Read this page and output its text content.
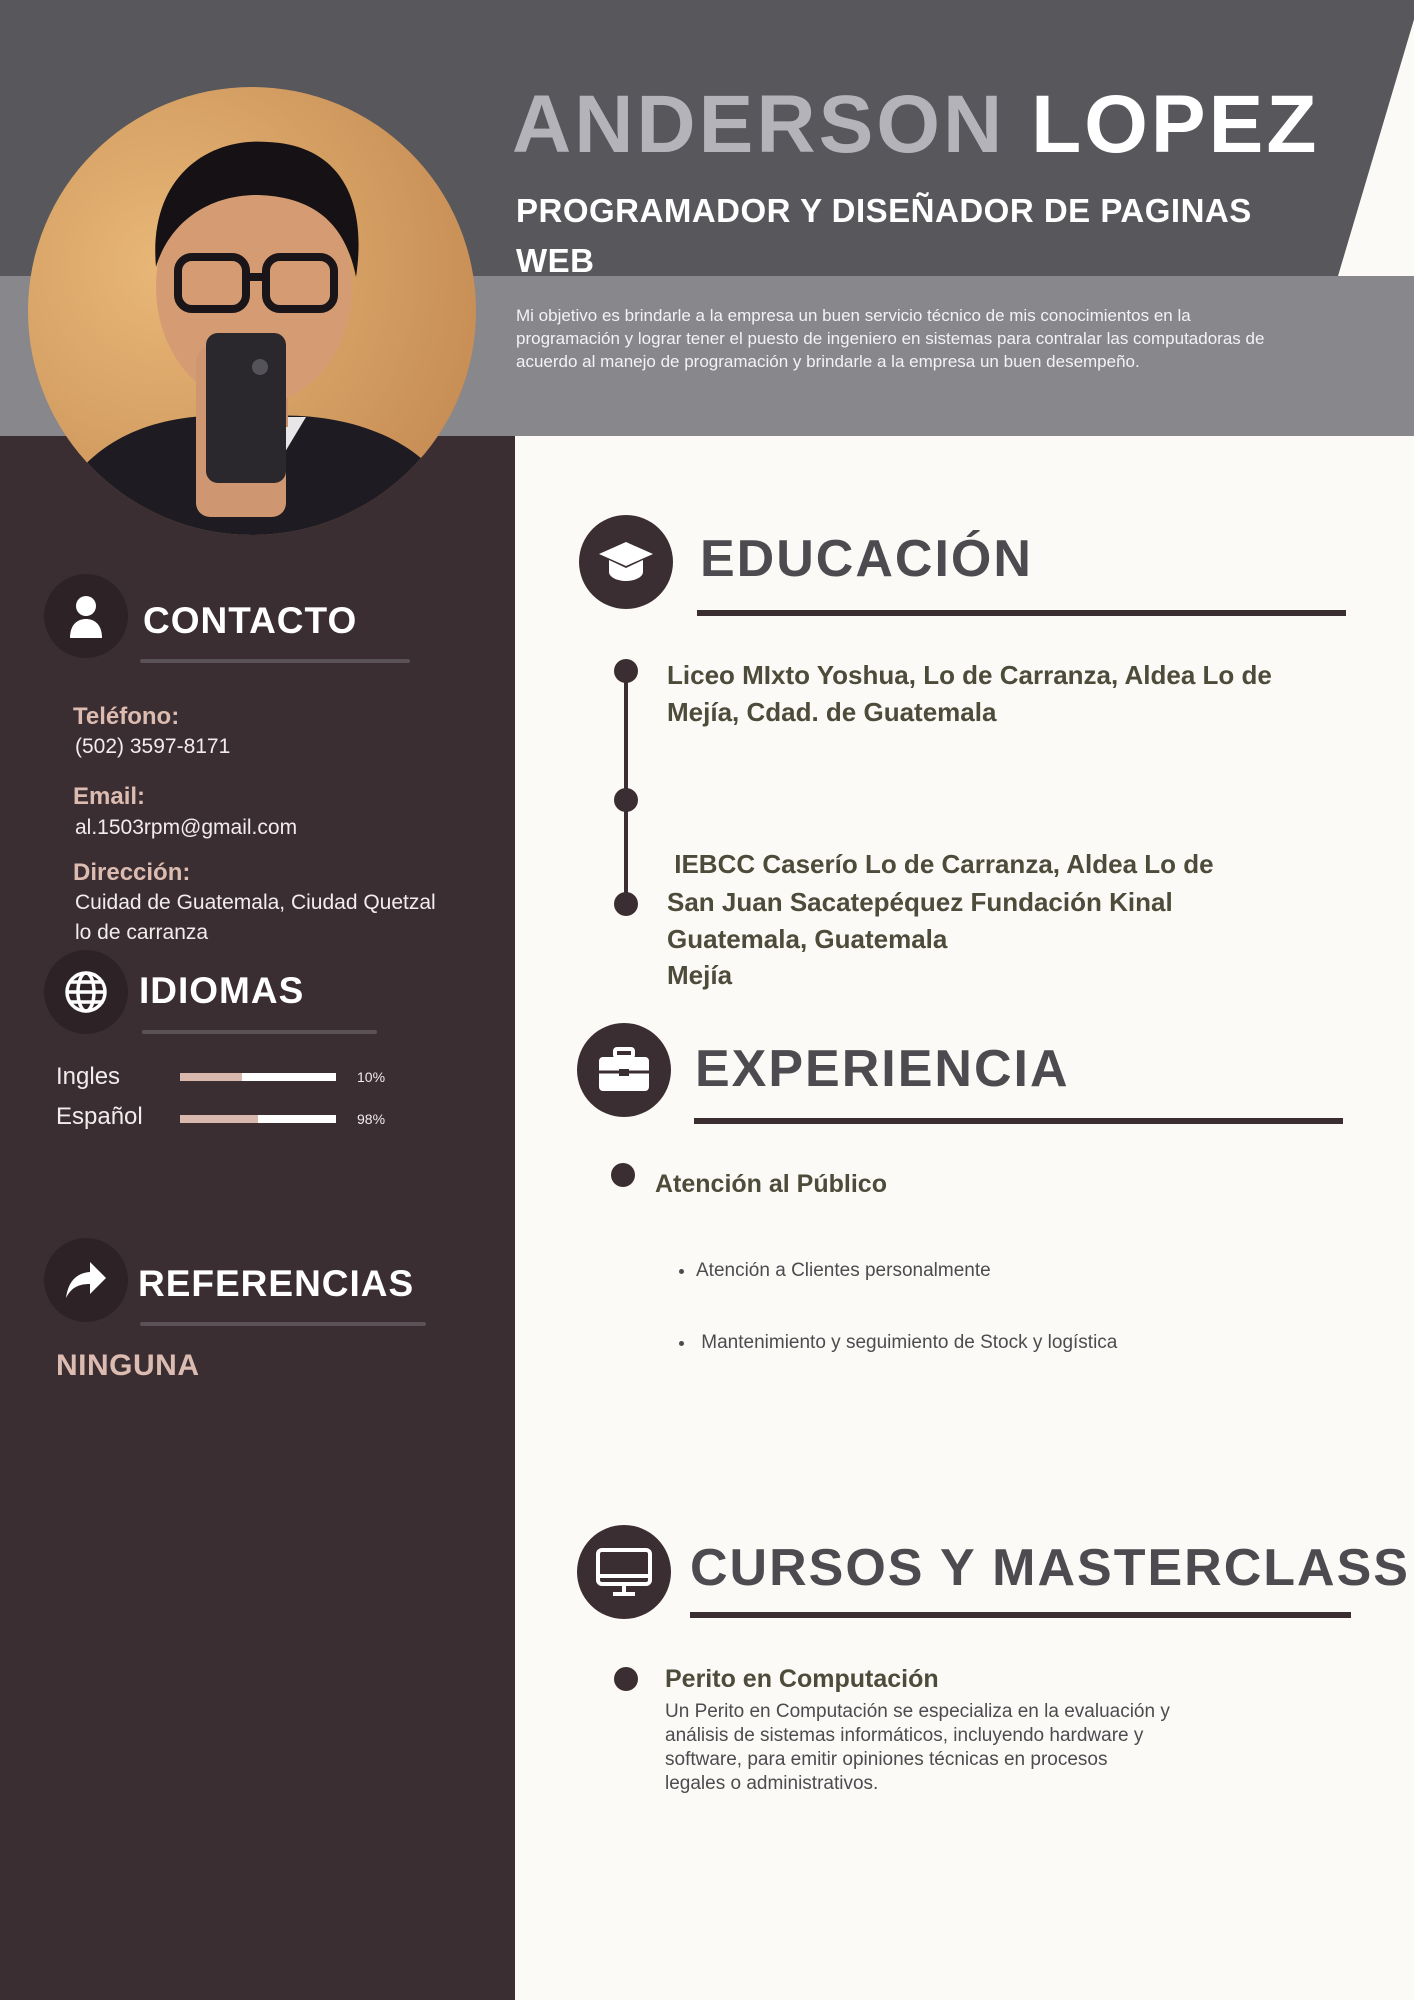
ANDERSON LOPEZ
PROGRAMADOR Y DISEÑADOR DE PAGINAS WEB
Mi objetivo es brindarle a la empresa un buen servicio técnico de mis conocimientos en la programación y lograr tener el puesto de ingeniero en sistemas para contralar las computadoras de acuerdo al manejo de programación y brindarle a la empresa un buen desempeño.
CONTACTO
Teléfono:
(502) 3597-8171
Email:
al.1503rpm@gmail.com
Dirección:
Cuidad de Guatemala, Ciudad Quetzal
lo de carranza
IDIOMAS
Ingles	10%
Español	98%
REFERENCIAS
NINGUNA
EDUCACIÓN
Liceo MIxto Yoshua, Lo de Carranza, Aldea Lo de
Mejía, Cdad. de Guatemala

IEBCC Caserío Lo de Carranza, Aldea Lo de

Mejía

San Juan Sacatepéquez Fundación Kinal
Guatemala, Guatemala
EXPERIENCIA
Atención al Público

• Atención a Clientes personalmente

•  Mantenimiento y seguimiento de Stock y logística

CURSOS Y MASTERCLASS
Perito en Computación
Un Perito en Computación se especializa en la evaluación y
análisis de sistemas informáticos, incluyendo hardware y
software, para emitir opiniones técnicas en procesos
legales o administrativos.
